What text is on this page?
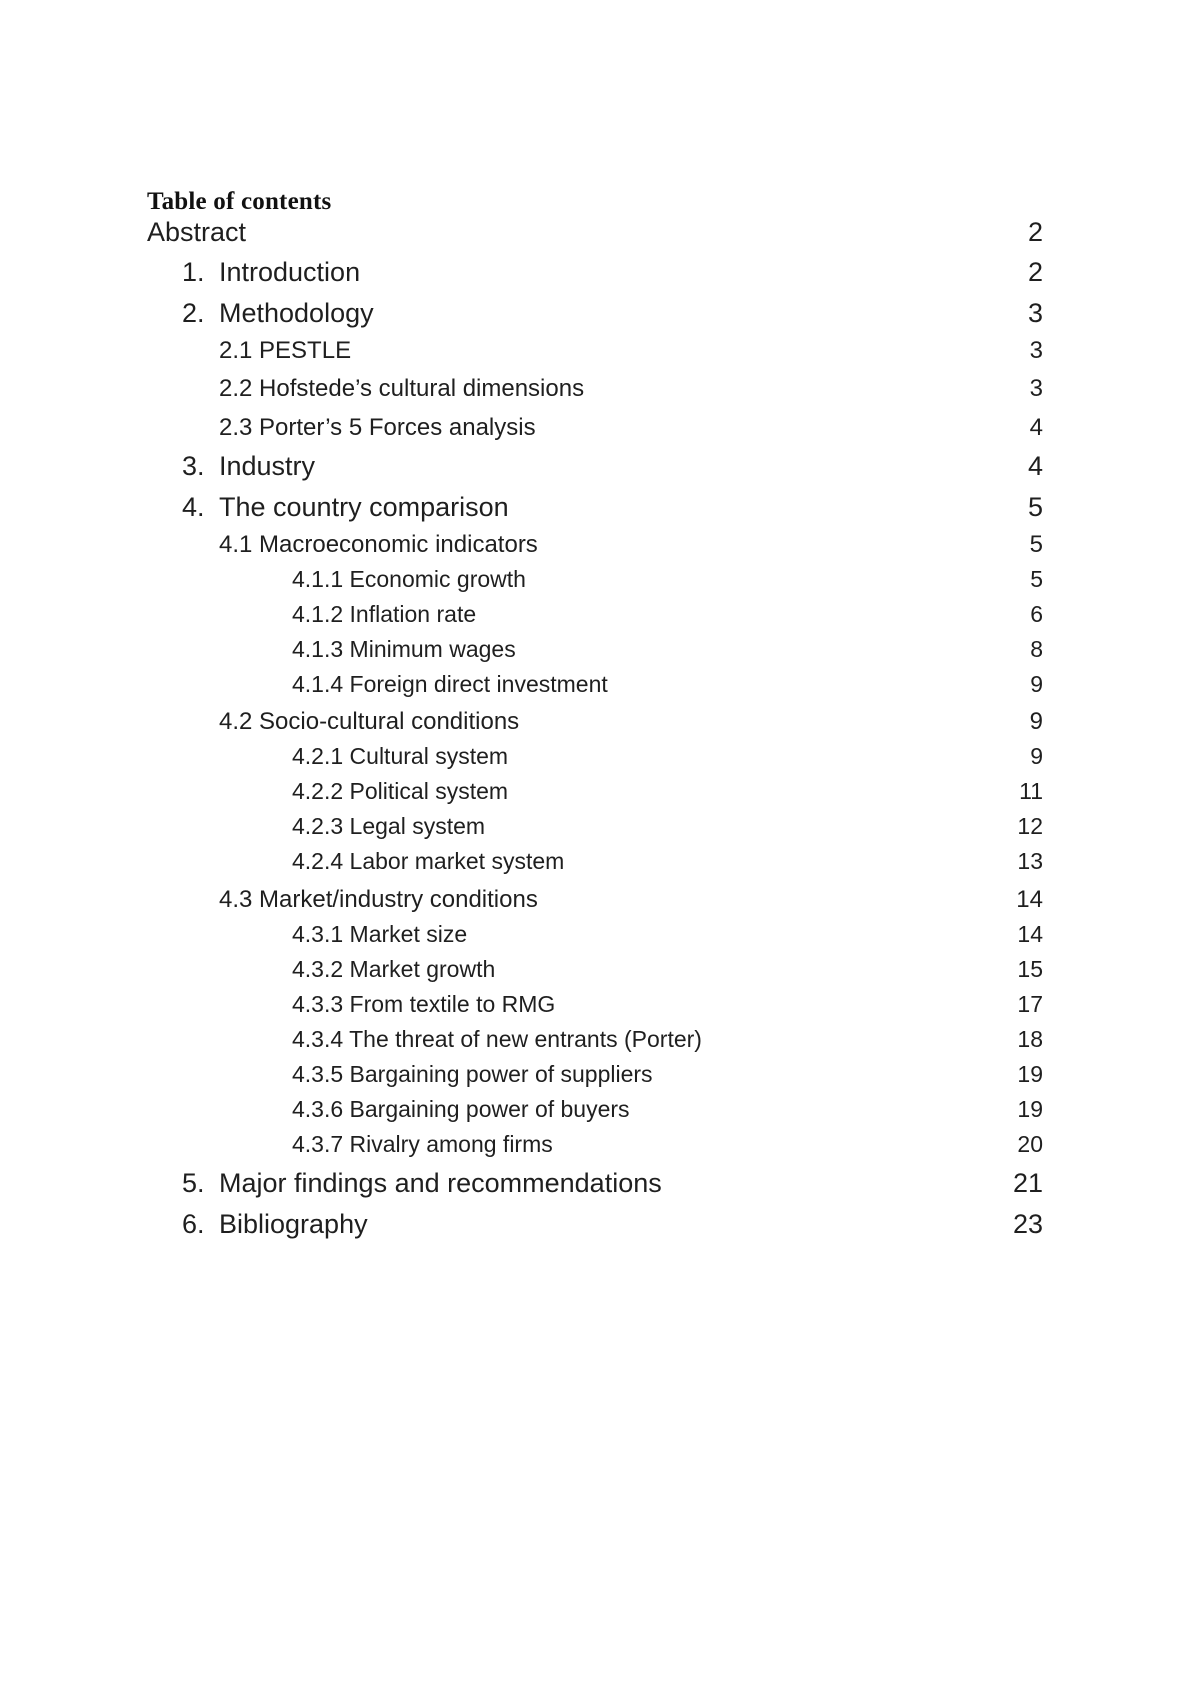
Table of contents
Abstract	2
1. Introduction	2
2. Methodology	3
2.1 PESTLE	3
2.2 Hofstede’s cultural dimensions	3
2.3 Porter’s 5 Forces analysis	4
3. Industry	4
4. The country comparison	5
4.1 Macroeconomic indicators	5
4.1.1 Economic growth	5
4.1.2 Inflation rate	6
4.1.3 Minimum wages	8
4.1.4 Foreign direct investment	9
4.2 Socio-cultural conditions	9
4.2.1 Cultural system	9
4.2.2 Political system	11
4.2.3 Legal system	12
4.2.4 Labor market system	13
4.3 Market/industry conditions	14
4.3.1 Market size	14
4.3.2 Market growth	15
4.3.3 From textile to RMG	17
4.3.4 The threat of new entrants (Porter)	18
4.3.5 Bargaining power of suppliers	19
4.3.6 Bargaining power of buyers	19
4.3.7 Rivalry among firms	20
5. Major findings and recommendations	21
6. Bibliography	23
